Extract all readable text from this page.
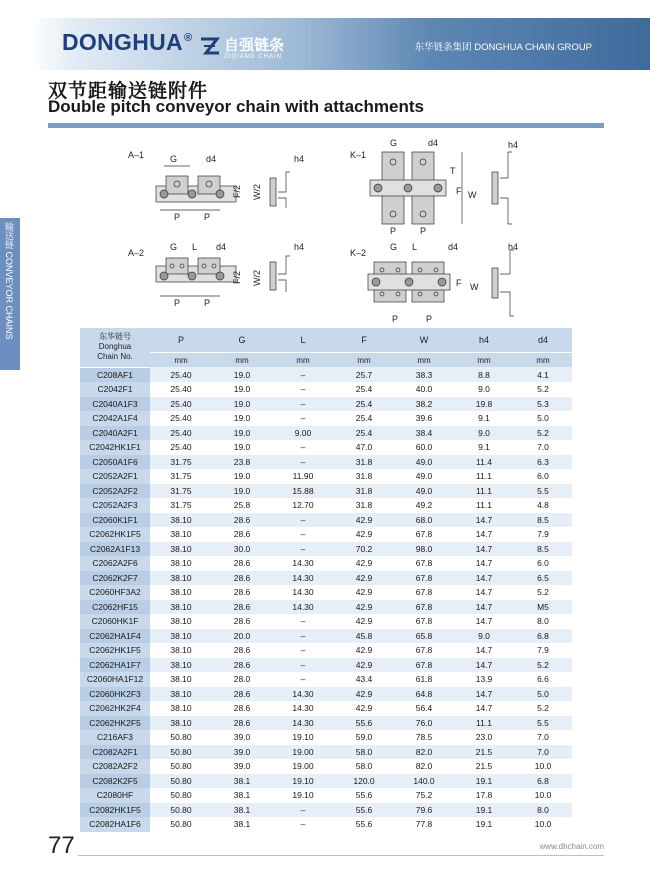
DONGHUA® 自强链条
ZIQIANG CHAIN
东华链条集团 DONGHUA CHAIN GROUP
双节距输送链附件
Double pitch conveyor chain with attachments
输送链 CONVEYOR CHAINS
A–1	G	d4	h4
P	P
F/2 W/2
A–2
G L d4	h4
P	P
F/2 W/2
K–1
G	d4	h4
P	P
T
F W
K–2
G L	d4	h4
P	P
F W
东华链号
Donghua
Chain No.	P	G	L	F	W	h4	d4
	mm	mm	mm	mm	mm	mm	mm
C208AF1	25.40	19.0	–	25.7	38.3	8.8	4.1
C2042F1	25.40	19.0	–	25.4	40.0	9.0	5.2
C2040A1F3	25.40	19.0	–	25.4	38.2	19.8	5.3
C2042A1F4	25.40	19.0	–	25.4	39.6	9.1	5.0
C2040A2F1	25.40	19.0	9.00	25.4	38.4	9.0	5.2
C2042HK1F1	25.40	19.0	–	47.0	60.0	9.1	7.0
C2050A1F6	31.75	23.8	–	31.8	49.0	11.4	6.3
C2052A2F1	31.75	19.0	11.90	31.8	49.0	11.1	6.0
C2052A2F2	31.75	19.0	15.88	31.8	49.0	11.1	5.5
C2052A2F3	31.75	25.8	12.70	31.8	49.2	11.1	4.8
C2060K1F1	38.10	28.6	–	42.9	68.0	14.7	8.5
C2062HK1F5	38.10	28.6	–	42.9	67.8	14.7	7.9
C2062A1F13	38.10	30.0	–	70.2	98.0	14.7	8.5
C2062A2F6	38.10	28.6	14.30	42.9	67.8	14.7	6.0
C2062K2F7	38.10	28.6	14.30	42.9	67.8	14.7	6.5
C2060HF3A2	38.10	28.6	14.30	42.9	67.8	14.7	5.2
C2062HF15	38.10	28.6	14.30	42.9	67.8	14.7	M5
C2060HK1F	38.10	28.6	–	42.9	67.8	14.7	8.0
C2062HA1F4	38.10	20.0	–	45.8	65.8	9.0	6.8
C2062HK1F5	38.10	28.6	–	42.9	67.8	14.7	7.9
C2062HA1F7	38.10	28.6	–	42.9	67.8	14.7	5.2
C2060HA1F12	38.10	28.0	–	43.4	61.8	13.9	6.6
C2060HK2F3	38.10	28.6	14.30	42.9	64.8	14.7	5.0
C2062HK2F4	38.10	28.6	14.30	42.9	56.4	14.7	5.2
C2062HK2F5	38.10	28.6	14.30	55.6	76.0	11.1	5.5
C216AF3	50.80	39.0	19.10	59.0	78.5	23.0	7.0
C2082A2F1	50.80	39.0	19.00	58.0	82.0	21.5	7.0
C2082A2F2	50.80	39.0	19.00	58.0	82.0	21.5	10.0
C2082K2F5	50.80	38.1	19.10	120.0	140.0	19.1	6.8
C2080HF	50.80	38.1	19.10	55.6	75.2	17.8	10.0
C2082HK1F5	50.80	38.1	–	55.6	79.6	19.1	8.0
C2082HA1F6	50.80	38.1	–	55.6	77.8	19.1	10.0
77	www.dhchain.com
